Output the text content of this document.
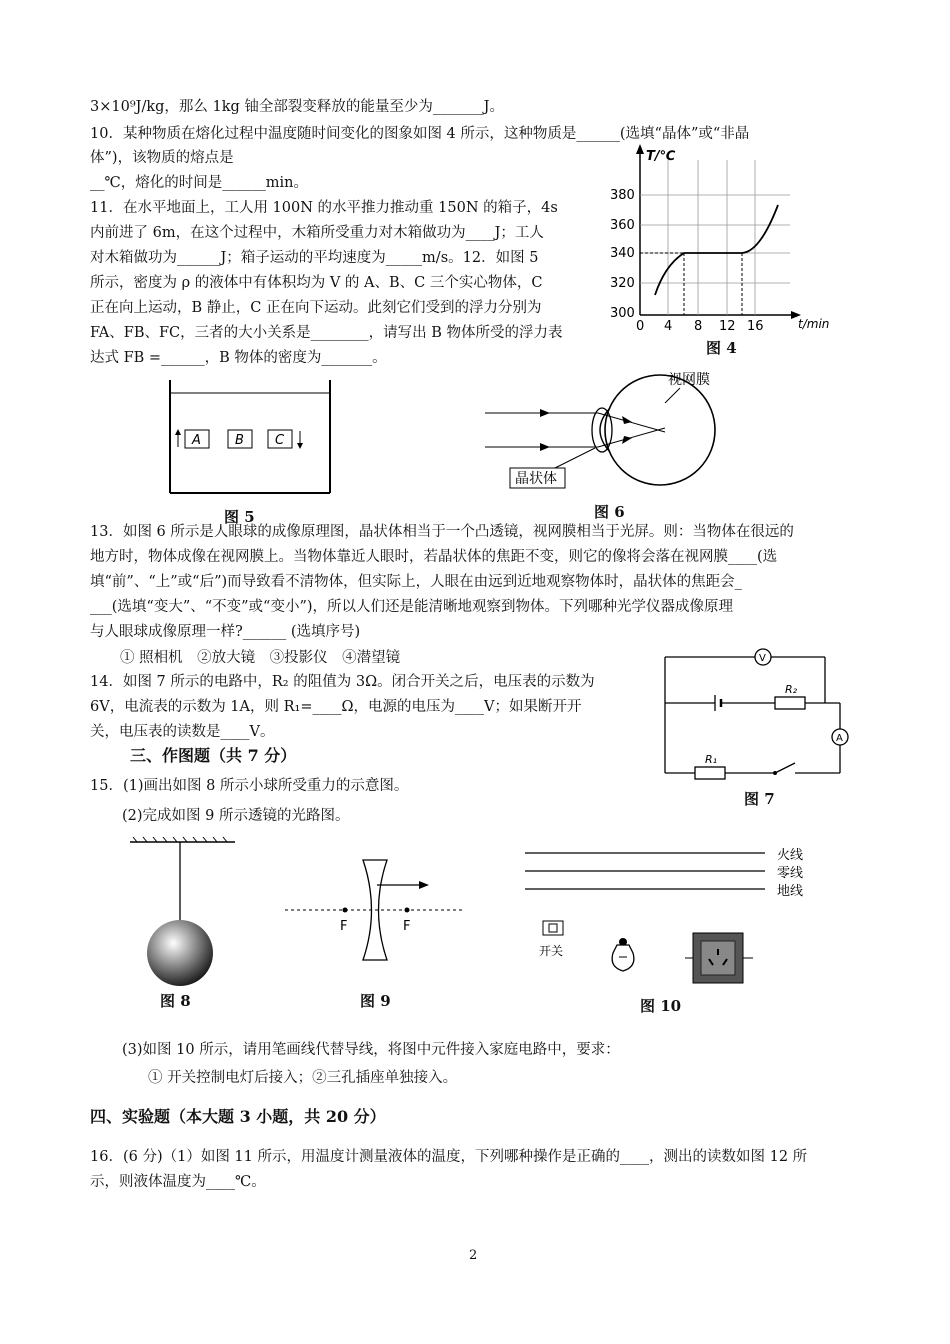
3×10⁹J/kg，那么 1kg 铀全部裂变释放的能量至少为_______J。
10．某种物质在熔化过程中温度随时间变化的图象如图 4 所示，这种物质是______(选填“晶体”或“非晶
体”)，该物质的熔点是
__℃，熔化的时间是______min。
11．在水平地面上，工人用 100N 的水平推力推动重 150N 的箱子，4s
内前进了 6m，在这个过程中，木箱所受重力对木箱做功为____J；工人
对木箱做功为______J；箱子运动的平均速度为_____m/s。12．如图 5
所示，密度为 ρ 的液体中有体积均为 V 的 A、B、C 三个实心物体，C
正在向上运动，B 静止，C 正在向下运动。此刻它们受到的浮力分别为
FA、FB、FC，三者的大小关系是________，请写出 B 物体所受的浮力表
达式 FB =______，B 物体的密度为_______。
13．如图 6 所示是人眼球的成像原理图，晶状体相当于一个凸透镜，视网膜相当于光屏。则：当物体在很远的
地方时，物体成像在视网膜上。当物体靠近人眼时，若晶状体的焦距不变，则它的像将会落在视网膜____(选
填“前”、“上”或“后”)而导致看不清物体，但实际上，人眼在由远到近地观察物体时，晶状体的焦距会_
___(选填“变大”、“不变”或“变小”)，所以人们还是能清晰地观察到物体。下列哪种光学仪器成像原理
与人眼球成像原理一样?______ (选填序号)
① 照相机　②放大镜　③投影仪　④潜望镜
14．如图 7 所示的电路中，R₂ 的阻值为 3Ω。闭合开关之后，电压表的示数为
6V，电流表的示数为 1A，则 R₁=____Ω，电源的电压为____V；如果断开开
关，电压表的读数是____V。
三、作图题（共 7 分）
15．(1)画出如图 8 所示小球所受重力的示意图。
(2)完成如图 9 所示透镜的光路图。
(3)如图 10 所示，请用笔画线代替导线，将图中元件接入家庭电路中，要求：
① 开关控制电灯后接入；②三孔插座单独接入。
四、实验题（本大题 3 小题，共 20 分）
16．(6 分)（1）如图 11 所示，用温度计测量液体的温度，下列哪种操作是正确的____，测出的读数如图 12 所
示，则液体温度为____℃。
T/℃
380
360
340
320
300
0 4 8 12 16	t/min
图 4
A	B C
图 5
视网膜
晶状体
图 6
V
R₂
A
R₁
图 7
图 8
F	F
图 9
火线
零线
地线
开关
图 10
2
